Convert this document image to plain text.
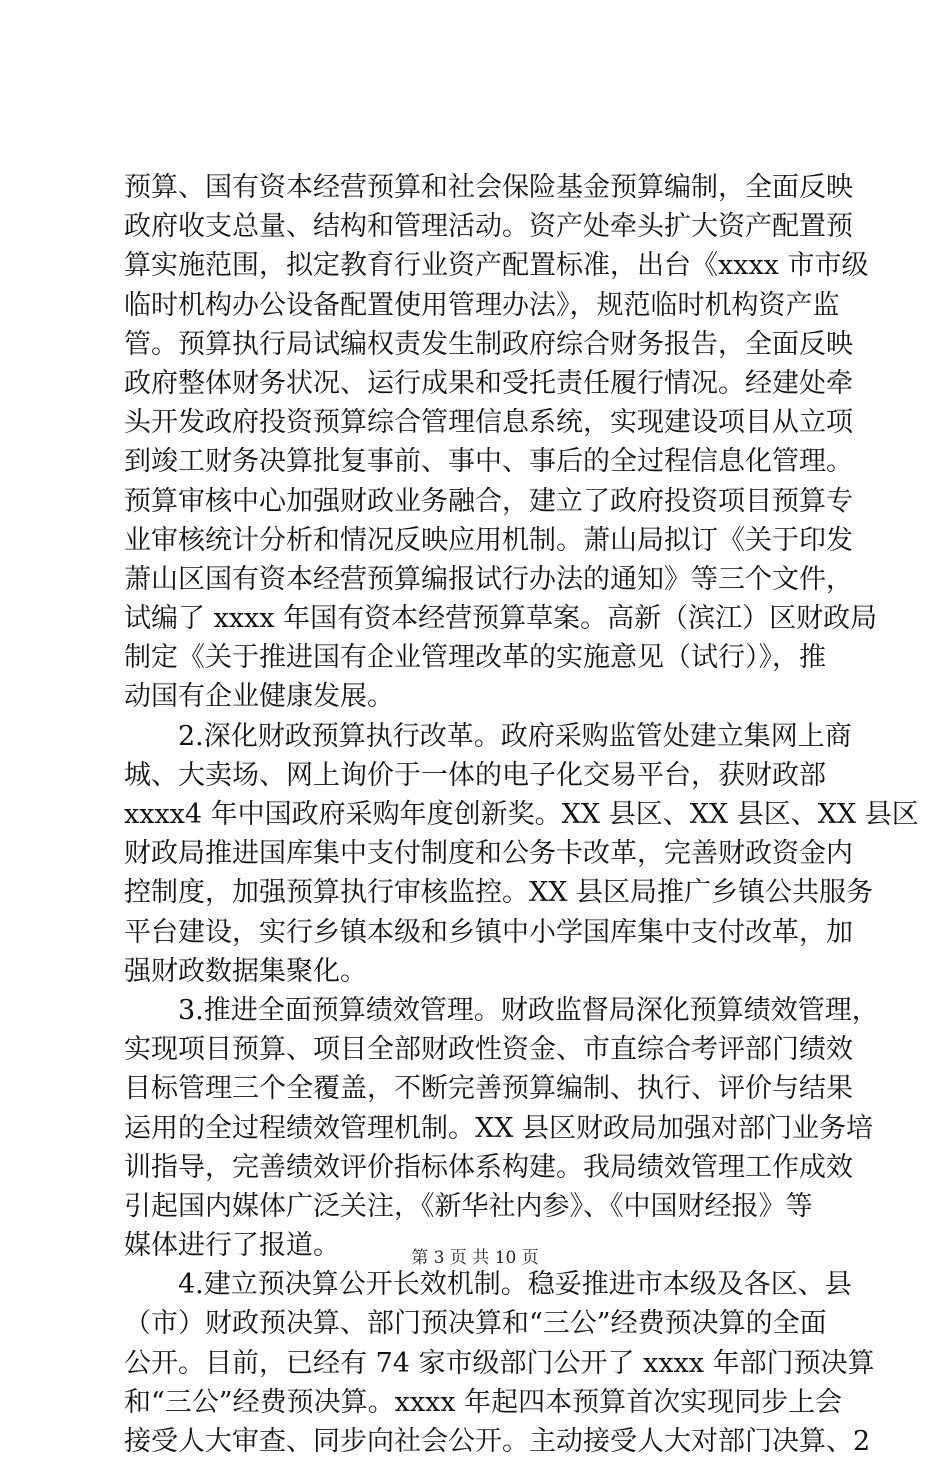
预算、国有资本经营预算和社会保险基金预算编制，全面反映
政府收支总量、结构和管理活动。资产处牵头扩大资产配置预
算实施范围，拟定教育行业资产配置标准，出台《xxxx 市市级
临时机构办公设备配置使用管理办法》，规范临时机构资产监
管。预算执行局试编权责发生制政府综合财务报告，全面反映
政府整体财务状况、运行成果和受托责任履行情况。经建处牵
头开发政府投资预算综合管理信息系统，实现建设项目从立项
到竣工财务决算批复事前、事中、事后的全过程信息化管理。
预算审核中心加强财政业务融合，建立了政府投资项目预算专
业审核统计分析和情况反映应用机制。萧山局拟订《关于印发
萧山区国有资本经营预算编报试行办法的通知》等三个文件，
试编了 xxxx 年国有资本经营预算草案。高新（滨江）区财政局
制定《关于推进国有企业管理改革的实施意见（试行）》，推
动国有企业健康发展。
2.深化财政预算执行改革。政府采购监管处建立集网上商
城、大卖场、网上询价于一体的电子化交易平台，获财政部
xxxx4 年中国政府采购年度创新奖。XX 县区、XX 县区、XX 县区
财政局推进国库集中支付制度和公务卡改革，完善财政资金内
控制度，加强预算执行审核监控。XX 县区局推广乡镇公共服务
平台建设，实行乡镇本级和乡镇中小学国库集中支付改革，加
强财政数据集聚化。
3.推进全面预算绩效管理。财政监督局深化预算绩效管理，
实现项目预算、项目全部财政性资金、市直综合考评部门绩效
目标管理三个全覆盖，不断完善预算编制、执行、评价与结果
运用的全过程绩效管理机制。XX 县区财政局加强对部门业务培
训指导，完善绩效评价指标体系构建。我局绩效管理工作成效
引起国内媒体广泛关注，《新华社内参》、《中国财经报》等
媒体进行了报道。
4.建立预决算公开长效机制。稳妥推进市本级及各区、县
（市）财政预决算、部门预决算和“三公”经费预决算的全面
公开。目前，已经有 74 家市级部门公开了 xxxx 年部门预决算
和“三公”经费预决算。xxxx 年起四本预算首次实现同步上会
接受人大审查、同步向社会公开。主动接受人大对部门决算、2
第 3 页 共 10 页
